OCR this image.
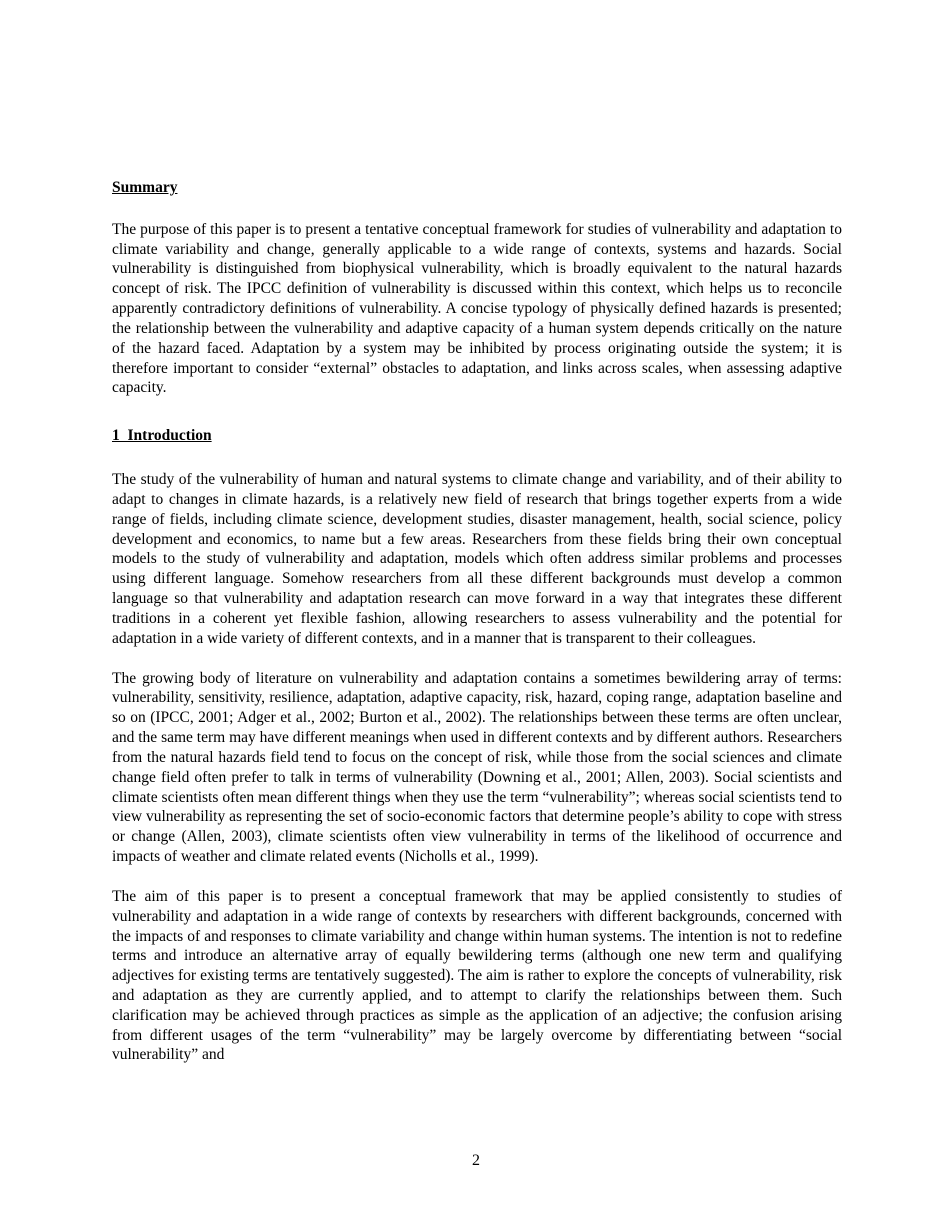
Summary

The purpose of this paper is to present a tentative conceptual framework for studies of vulnerability and adaptation to climate variability and change, generally applicable to a wide range of contexts, systems and hazards. Social vulnerability is distinguished from biophysical vulnerability, which is broadly equivalent to the natural hazards concept of risk. The IPCC definition of vulnerability is discussed within this context, which helps us to reconcile apparently contradictory definitions of vulnerability. A concise typology of physically defined hazards is presented; the relationship between the vulnerability and adaptive capacity of a human system depends critically on the nature of the hazard faced. Adaptation by a system may be inhibited by process originating outside the system; it is therefore important to consider “external” obstacles to adaptation, and links across scales, when assessing adaptive capacity.

1  Introduction

The study of the vulnerability of human and natural systems to climate change and variability, and of their ability to adapt to changes in climate hazards, is a relatively new field of research that brings together experts from a wide range of fields, including climate science, development studies, disaster management, health, social science, policy development and economics, to name but a few areas. Researchers from these fields bring their own conceptual models to the study of vulnerability and adaptation, models which often address similar problems and processes using different language. Somehow researchers from all these different backgrounds must develop a common language so that vulnerability and adaptation research can move forward in a way that integrates these different traditions in a coherent yet flexible fashion, allowing researchers to assess vulnerability and the potential for adaptation in a wide variety of different contexts, and in a manner that is transparent to their colleagues.

The growing body of literature on vulnerability and adaptation contains a sometimes bewildering array of terms: vulnerability, sensitivity, resilience, adaptation, adaptive capacity, risk, hazard, coping range, adaptation baseline and so on (IPCC, 2001; Adger et al., 2002; Burton et al., 2002). The relationships between these terms are often unclear, and the same term may have different meanings when used in different contexts and by different authors. Researchers from the natural hazards field tend to focus on the concept of risk, while those from the social sciences and climate change field often prefer to talk in terms of vulnerability (Downing et al., 2001; Allen, 2003). Social scientists and climate scientists often mean different things when they use the term “vulnerability”; whereas social scientists tend to view vulnerability as representing the set of socio-economic factors that determine people’s ability to cope with stress or change (Allen, 2003), climate scientists often view vulnerability in terms of the likelihood of occurrence and impacts of weather and climate related events (Nicholls et al., 1999).

The aim of this paper is to present a conceptual framework that may be applied consistently to studies of vulnerability and adaptation in a wide range of contexts by researchers with different backgrounds, concerned with the impacts of and responses to climate variability and change within human systems. The intention is not to redefine terms and introduce an alternative array of equally bewildering terms (although one new term and qualifying adjectives for existing terms are tentatively suggested). The aim is rather to explore the concepts of vulnerability, risk and adaptation as they are currently applied, and to attempt to clarify the relationships between them. Such clarification may be achieved through practices as simple as the application of an adjective; the confusion arising from different usages of the term “vulnerability” may be largely overcome by differentiating between “social vulnerability” and

2
